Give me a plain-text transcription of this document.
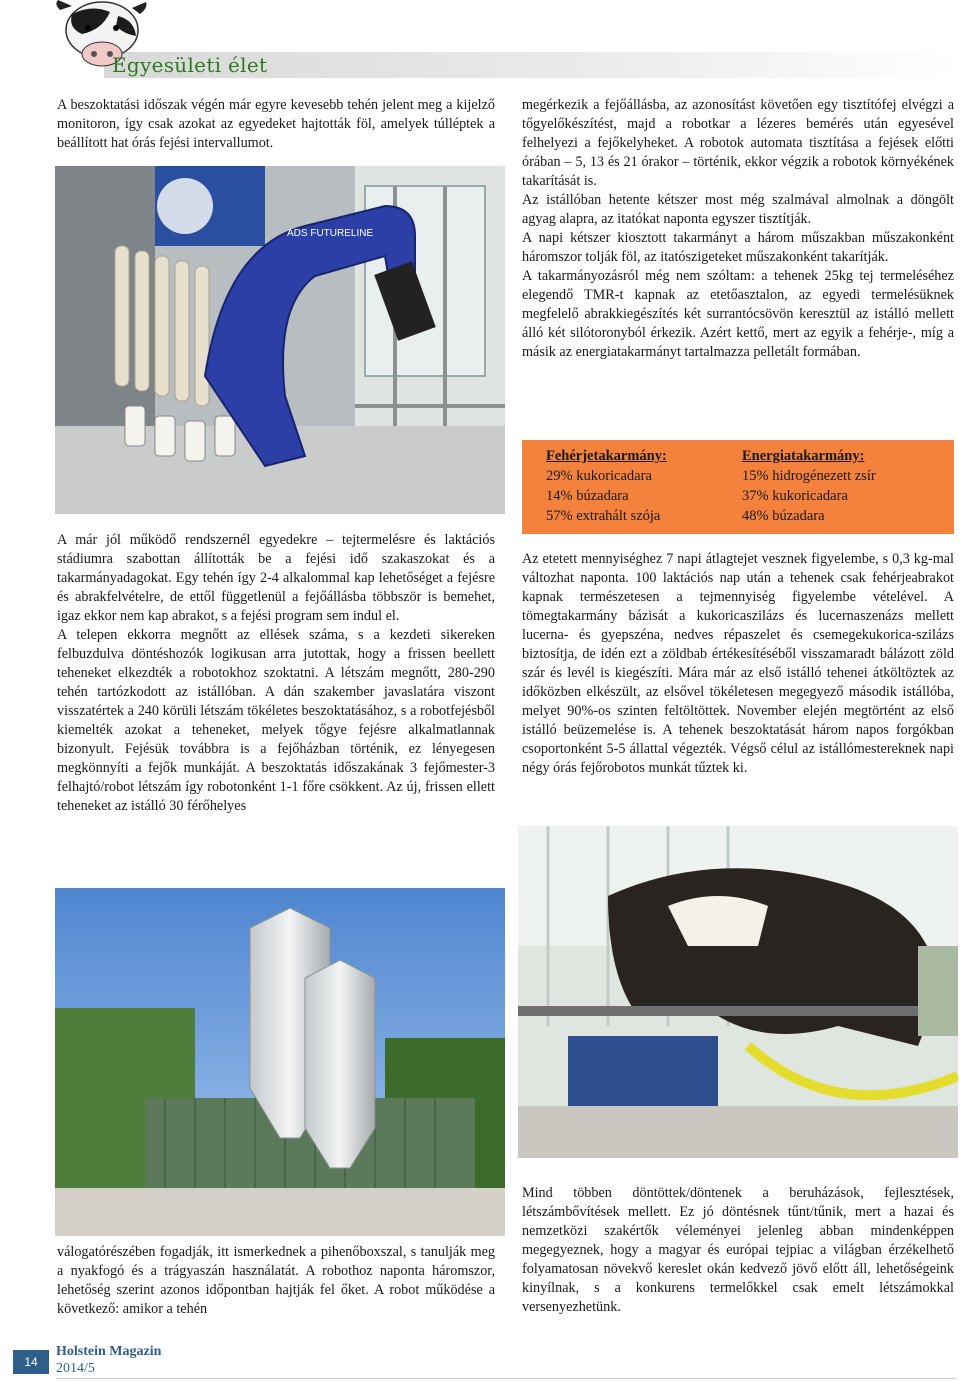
Egyesületi élet

A beszoktatási időszak végén már egyre kevesebb tehén jelent meg a kijelző monitoron, így csak azokat az egyedeket hajtották föl, amelyek túlléptek a beállított hat órás fejési intervallumot.

ADS FUTURELINE

A már jól működő rendszernél egyedekre – tejtermelésre és laktációs stádiumra szabottan állították be a fejési idő szakaszokat és a takarmányadagokat. Egy tehén így 2-4 alkalommal kap lehetőséget a fejésre és abrakfelvételre, de ettől függetlenül a fejőállásba többször is bemehet, igaz ekkor nem kap abrakot, s a fejési program sem indul el.

A telepen ekkorra megnőtt az ellések száma, s a kezdeti sikereken felbuzdulva döntéshozók logikusan arra jutottak, hogy a frissen beellett teheneket elkezdték a robotokhoz szoktatni. A létszám megnőtt, 280-290 tehén tartózkodott az istállóban. A dán szakember javaslatára viszont visszatértek a 240 körüli létszám tökéletes beszoktatásához, s a robotfejésből kiemelték azokat a teheneket, melyek tőgye fejésre alkalmatlannak bizonyult. Fejésük továbbra is a fejőházban történik, ez lényegesen megkönnyíti a fejők munkáját. A beszoktatás időszakának 3 fejőmester-3 felhajtó/robot létszám így robotonként 1-1 főre csökkent. Az új, frissen ellett teheneket az istálló 30 férőhelyes

válogatórészében fogadják, itt ismerkednek a pihenőboxszal, s tanulják meg a nyakfogó és a trágyaszán használatát. A robothoz naponta háromszor, lehetőség szerint azonos időpontban hajtják fel őket. A robot működése a következő: amikor a tehén

megérkezik a fejőállásba, az azonosítást követően egy tisztítófej elvégzi a tőgyelőkészítést, majd a robotkar a lézeres bemérés után egyesével felhelyezi a fejőkelyheket. A robotok automata tisztítása a fejések előtti órában – 5, 13 és 21 órakor – történik, ekkor végzik a robotok környékének takarítását is.

Az istállóban hetente kétszer most még szalmával almolnak a döngölt agyag alapra, az itatókat naponta egyszer tisztítják.

A napi kétszer kiosztott takarmányt a három műszakban műszakonként háromszor tolják föl, az itatószigeteket műszakonként takarítják.

A takarmányozásról még nem szóltam: a tehenek 25kg tej termeléséhez elegendő TMR-t kapnak az etetőasztalon, az egyedi termelésüknek megfelelő abrakkiegészítés két surrantócsövön keresztül az istálló mellett álló két silótoronyból érkezik. Azért kettő, mert az egyik a fehérje-, míg a másik az energiatakarmányt tartalmazza pelletált formában.

Fehérjetakarmány:
29% kukoricadara
14% búzadara
57% extrahált szója
Energiatakarmány:
15% hidrogénezett zsír
37% kukoricadara
48% búzadara

Az etetett mennyiséghez 7 napi átlagtejet vesznek figyelembe, s 0,3 kg-mal változhat naponta. 100 laktációs nap után a tehenek csak fehérjeabrakot kapnak természetesen a tejmennyiség figyelembe vételével. A tömegtakarmány bázisát a kukoricaszilázs és lucernaszenázs mellett lucerna- és gyepszéna, nedves répaszelet és csemegekukorica-szilázs biztosítja, de idén ezt a zöldbab értékesítéséből visszamaradt bálázott zöld szár és levél is kiegészíti. Mára már az első istálló tehenei átköltöztek az időközben elkészült, az elsővel tökéletesen megegyező második istállóba, melyet 90%-os szinten feltöltöttek. November elején megtörtént az első istálló beüzemelése is. A tehenek beszoktatását három napos forgókban csoportonként 5-5 állattal végezték. Végső célul az istállómestereknek napi négy órás fejőrobotos munkát tűztek ki.

Mind többen döntöttek/döntenek a beruházások, fejlesztések, létszámbővítések mellett. Ez jó döntésnek tűnt/tűnik, mert a hazai és nemzetközi szakértők véleményei jelenleg abban mindenképpen megegyeznek, hogy a magyar és európai tejpiac a világban érzékelhető folyamatosan növekvő kereslet okán kedvező jövő előtt áll, lehetőségeink kinyílnak, s a konkurens termelőkkel csak emelt létszámokkal versenyezhetünk.

14
Holstein Magazin
2014/5
